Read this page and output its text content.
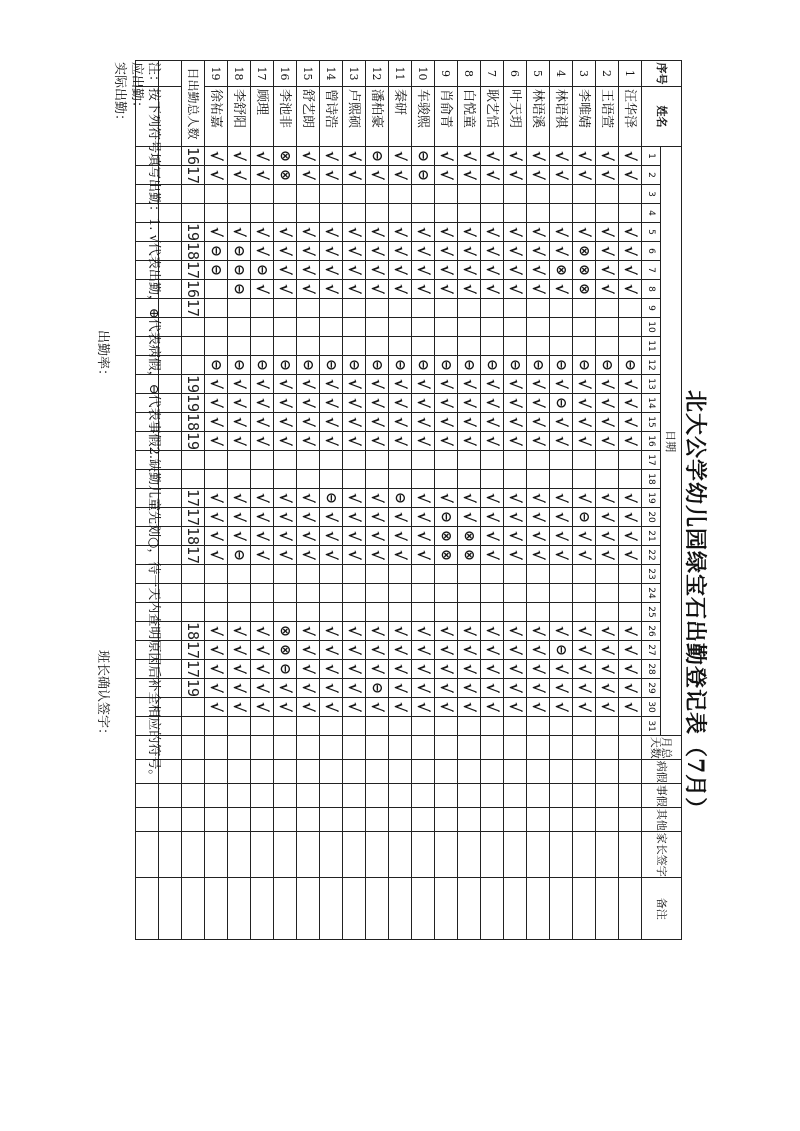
北大公学幼儿园绿宝石出勤登记表（7月）
序号	姓名	日期																															月总天数	病假	事假	其他	家长签字	备注
		1	2	3	4	5	6	7	8	9	10	11	12	13	14	15	16	17	18	19	20	21	22	23	24	25	26	27	28	29	30	31						
1	汪华泽	√	√			√	√	√	√				⊖	√	√	√	√			√	√	√	√				√	√	√	√	√							
2	王语萱	√	√			√	√	√	√				⊖	√	√	√	√			√	√	√	√				√	√	√	√	√							
3	李唯婧	√	√			√	⊗	⊗	⊗				⊖	√	√	√	√			√	⊖	√	√				√	√	√	√	√							
4	林语祺	√	√			√	√	⊗	√				⊖	√	⊖	√	√			√	√	√	√				√	⊖	√	√	√							
5	林语溪	√	√			√	√	√	√				⊖	√	√	√	√			√	√	√	√				√	√	√	√	√							
6	叶天玥	√	√			√	√	√	√				⊖	√	√	√	√			√	√	√	√				√	√	√	√	√							
7	耿艺恬	√	√			√	√	√	√				⊖	√	√	√	√			√	√	√	√				√	√	√	√	√							
8	白悦童	√	√			√	√	√	√				⊖	√	√	√	√			√	√	⊗	⊗				√	√	√	√	√							
9	肖俞青	√	√			√	√	√	√				⊖	√	√	√	√			√	⊖	⊗	⊗				√	√	√	√	√							
10	车骏熙	⊖	⊖			√	√	√	√				⊖	√	√	√	√			√	√	√	√				√	√	√	√	√							
11	秦研	√	√			√	√	√	√				⊖	√	√	√	√			⊖	√	√	√				√	√	√	√	√							
12	潘柏豪	⊖	√			√	√	√	√				⊖	√	√	√	√			√	√	√	√				√	√	√	⊖	√							
13	卢熙硕	√	√			√	√	√	√				⊖	√	√	√	√			√	√	√	√				√	√	√	√	√							
14	曾诗浩	√	√			√	√	√	√				⊖	√	√	√	√			⊖	√	√	√				√	√	√	√	√							
15	舒艺朗	√	√			√	√	√	√				⊖	√	√	√	√			√	√	√	√				√	√	√	√	√							
16	李池非	⊗	⊗			√	√	√	√				⊖	√	√	√	√			√	√	√	√				⊗	⊗	⊖	√	√							
17	顾理	√	√			√	√	⊖	√				⊖	√	√	√	√			√	√	√	√				√	√	√	√	√							
18	李舒阳	√	√			√	⊖	⊖	⊖				⊖	√	√	√	√			√	√	√	⊖				√	√	√	√	√							
19	徐祐嘉	√	√			√	⊖	⊖					⊖	√	√	√	√			√	√	√	√				√	√	√	√	√							
日出勤总人数		16	17			19	18	17	16	17				19	19	18	19			17	17	18	17				18	17	17	19								

注：按下列符号填写出勤：1. √代表出勤，⊕代表病假，⊖代表事假2.缺勤儿童先划○，待一天内查明原因后补全相应的符号。
应出勤：
实际出勤：
出勤率：
班长确认签字：
